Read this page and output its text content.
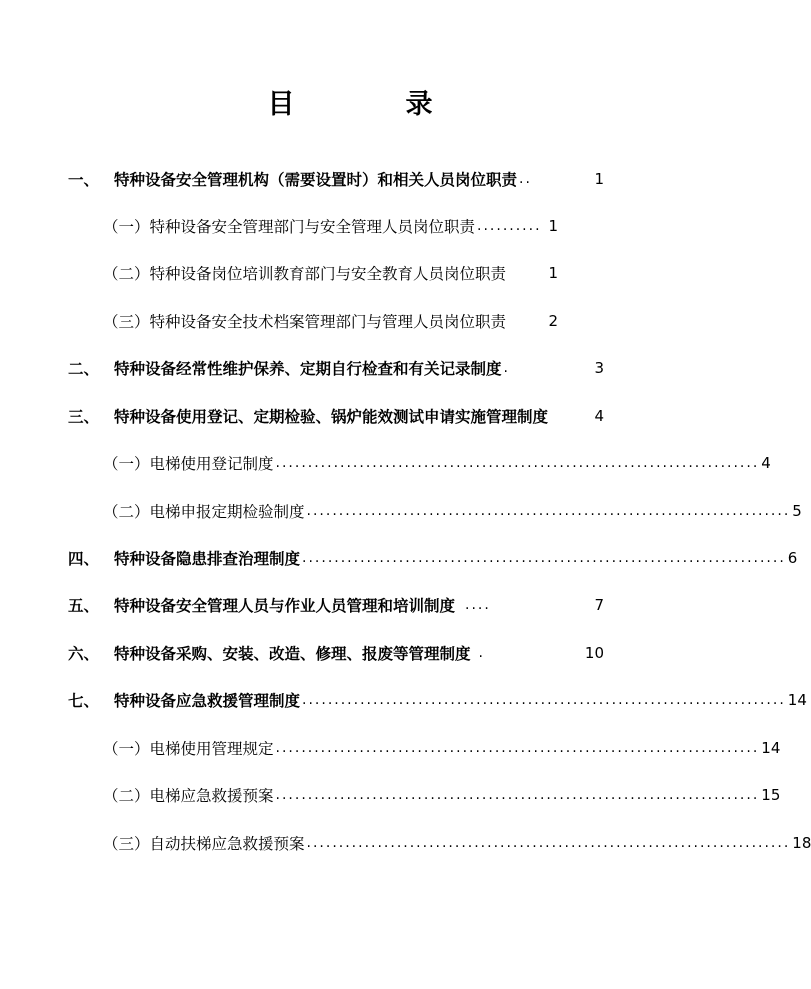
目　录
一、 特种设备安全管理机构（需要设置时）和相关人员岗位职责 ..	1
（一）特种设备安全管理部门与安全管理人员岗位职责 .......... 1
（二）特种设备岗位培训教育部门与安全教育人员岗位职责	1
（三）特种设备安全技术档案管理部门与管理人员岗位职责	2
二、 特种设备经常性维护保养、定期自行检查和有关记录制度 .	3
三、 特种设备使用登记、定期检验、锅炉能效测试申请实施管理制度	4
（一）电梯使用登记制度 ........................................................................... 4
（二）电梯申报定期检验制度 ........................................................................... 5
四、 特种设备隐患排查治理制度 ........................................................................... 6
五、 特种设备安全管理人员与作业人员管理和培训制度 ....	7
六、 特种设备采购、安装、改造、修理、报废等管理制度 .	10
七、 特种设备应急救援管理制度 ........................................................................... 14
（一）电梯使用管理规定 ........................................................................... 14
（二）电梯应急救援预案 ........................................................................... 15
（三）自动扶梯应急救援预案 ........................................................................... 18
